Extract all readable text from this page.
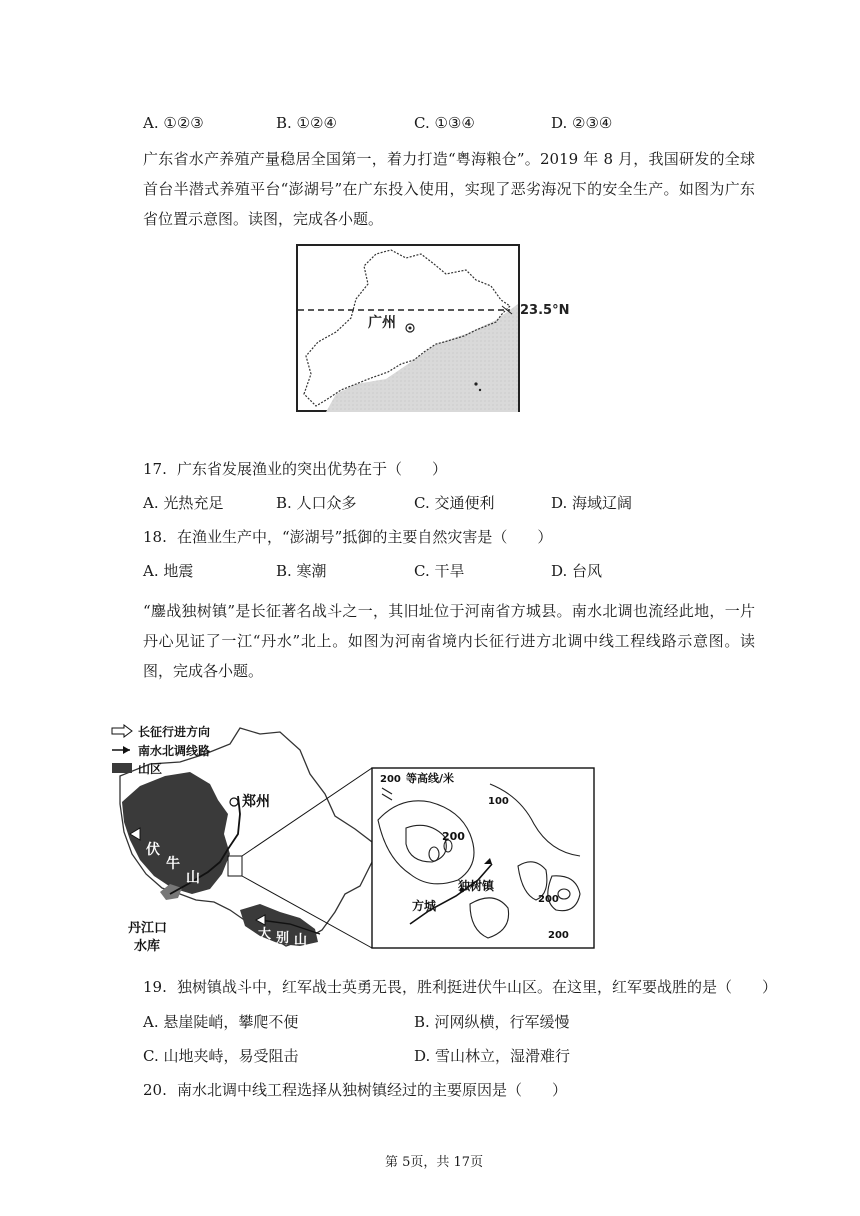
A. ①②③	B. ①②④	C. ①③④	D. ②③④
广东省水产养殖产量稳居全国第一，着力打造“粤海粮仓”。2019 年 8 月，我国研发的全球首台半潜式养殖平台“澎湖号”在广东投入使用，实现了恶劣海况下的安全生产。如图为广东省位置示意图。读图，完成各小题。
广州
23.5°N
17. 广东省发展渔业的突出优势在于（　　）
A. 光热充足	B. 人口众多	C. 交通便利	D. 海域辽阔
18. 在渔业生产中，“澎湖号”抵御的主要自然灾害是（　　）
A. 地震	B. 寒潮	C. 干旱	D. 台风
“鏖战独树镇”是长征著名战斗之一，其旧址位于河南省方城县。南水北调也流经此地，一片丹心见证了一江“丹水”北上。如图为河南省境内长征行进方北调中线工程线路示意图。读图，完成各小题。
郑州
伏
牛
山
丹江口
水库
大 别 山
长征行进方向
南水北调线路
山区
200 等高线/米
100
200
200
200
独树镇
方城
19. 独树镇战斗中，红军战士英勇无畏，胜利挺进伏牛山区。在这里，红军要战胜的是（　　）
A. 悬崖陡峭，攀爬不便	B. 河网纵横，行军缓慢
C. 山地夹峙，易受阻击	D. 雪山林立，湿滑难行
20. 南水北调中线工程选择从独树镇经过的主要原因是（　　）
第 5页，共 17页
